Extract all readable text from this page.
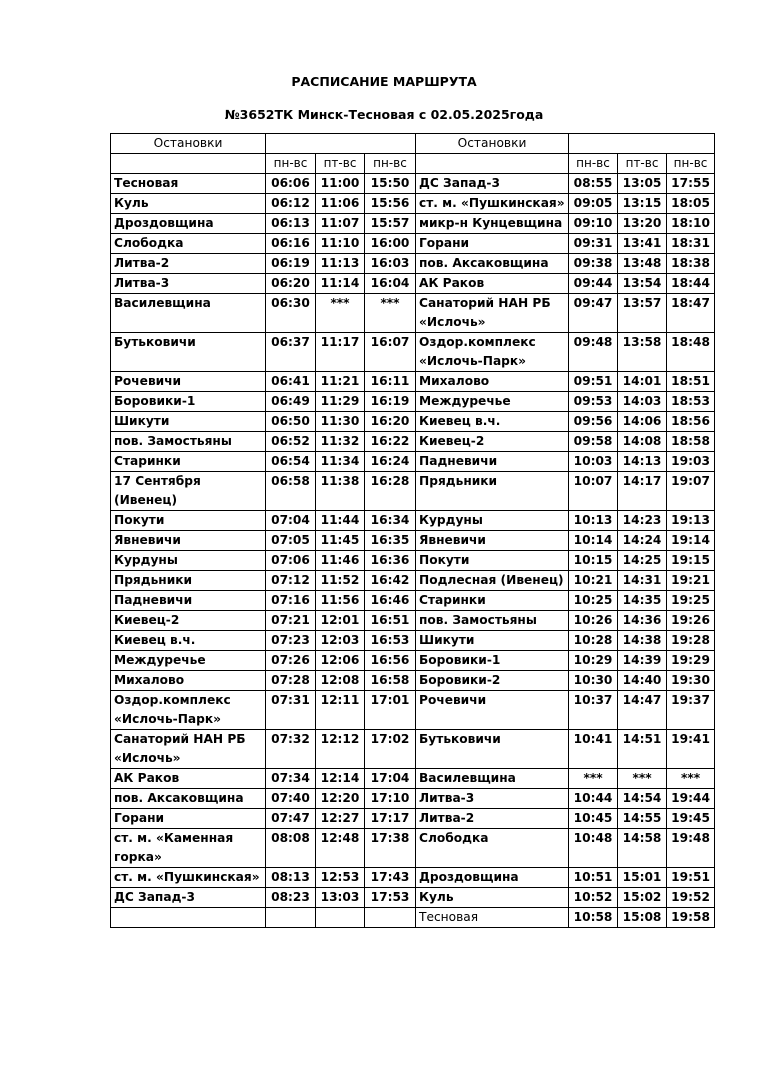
РАСПИСАНИЕ МАРШРУТА
№3652ТК Минск-Тесновая с 02.05.2025года
Остановки				Остановки			
	пн-вс	пт-вс	пн-вс		пн-вс	пт-вс	пн-вс
Тесновая	06:06	11:00	15:50	ДС Запад-3	08:55	13:05	17:55
Куль	06:12	11:06	15:56	ст. м. «Пушкинская»	09:05	13:15	18:05
Дроздовщина	06:13	11:07	15:57	микр-н Кунцевщина	09:10	13:20	18:10
Слободка	06:16	11:10	16:00	Горани	09:31	13:41	18:31
Литва-2	06:19	11:13	16:03	пов. Аксаковщина	09:38	13:48	18:38
Литва-3	06:20	11:14	16:04	АК Раков	09:44	13:54	18:44
Василевщина	06:30	***	***	Санаторий НАН РБ «Ислочь»	09:47	13:57	18:47
Бутьковичи	06:37	11:17	16:07	Оздор.комплекс «Ислочь-Парк»	09:48	13:58	18:48
Рочевичи	06:41	11:21	16:11	Михалово	09:51	14:01	18:51
Боровики-1	06:49	11:29	16:19	Междуречье	09:53	14:03	18:53
Шикути	06:50	11:30	16:20	Киевец в.ч.	09:56	14:06	18:56
пов. Замостьяны	06:52	11:32	16:22	Киевец-2	09:58	14:08	18:58
Старинки	06:54	11:34	16:24	Падневичи	10:03	14:13	19:03
17 Сентября (Ивенец)	06:58	11:38	16:28	Прядьники	10:07	14:17	19:07
Покути	07:04	11:44	16:34	Курдуны	10:13	14:23	19:13
Явневичи	07:05	11:45	16:35	Явневичи	10:14	14:24	19:14
Курдуны	07:06	11:46	16:36	Покути	10:15	14:25	19:15
Прядьники	07:12	11:52	16:42	Подлесная (Ивенец)	10:21	14:31	19:21
Падневичи	07:16	11:56	16:46	Старинки	10:25	14:35	19:25
Киевец-2	07:21	12:01	16:51	пов. Замостьяны	10:26	14:36	19:26
Киевец в.ч.	07:23	12:03	16:53	Шикути	10:28	14:38	19:28
Междуречье	07:26	12:06	16:56	Боровики-1	10:29	14:39	19:29
Михалово	07:28	12:08	16:58	Боровики-2	10:30	14:40	19:30
Оздор.комплекс «Ислочь-Парк»	07:31	12:11	17:01	Рочевичи	10:37	14:47	19:37
Санаторий НАН РБ «Ислочь»	07:32	12:12	17:02	Бутьковичи	10:41	14:51	19:41
АК Раков	07:34	12:14	17:04	Василевщина	***	***	***
пов. Аксаковщина	07:40	12:20	17:10	Литва-3	10:44	14:54	19:44
Горани	07:47	12:27	17:17	Литва-2	10:45	14:55	19:45
ст. м. «Каменная горка»	08:08	12:48	17:38	Слободка	10:48	14:58	19:48
ст. м. «Пушкинская»	08:13	12:53	17:43	Дроздовщина	10:51	15:01	19:51
ДС Запад-3	08:23	13:03	17:53	Куль	10:52	15:02	19:52
				Тесновая	10:58	15:08	19:58
